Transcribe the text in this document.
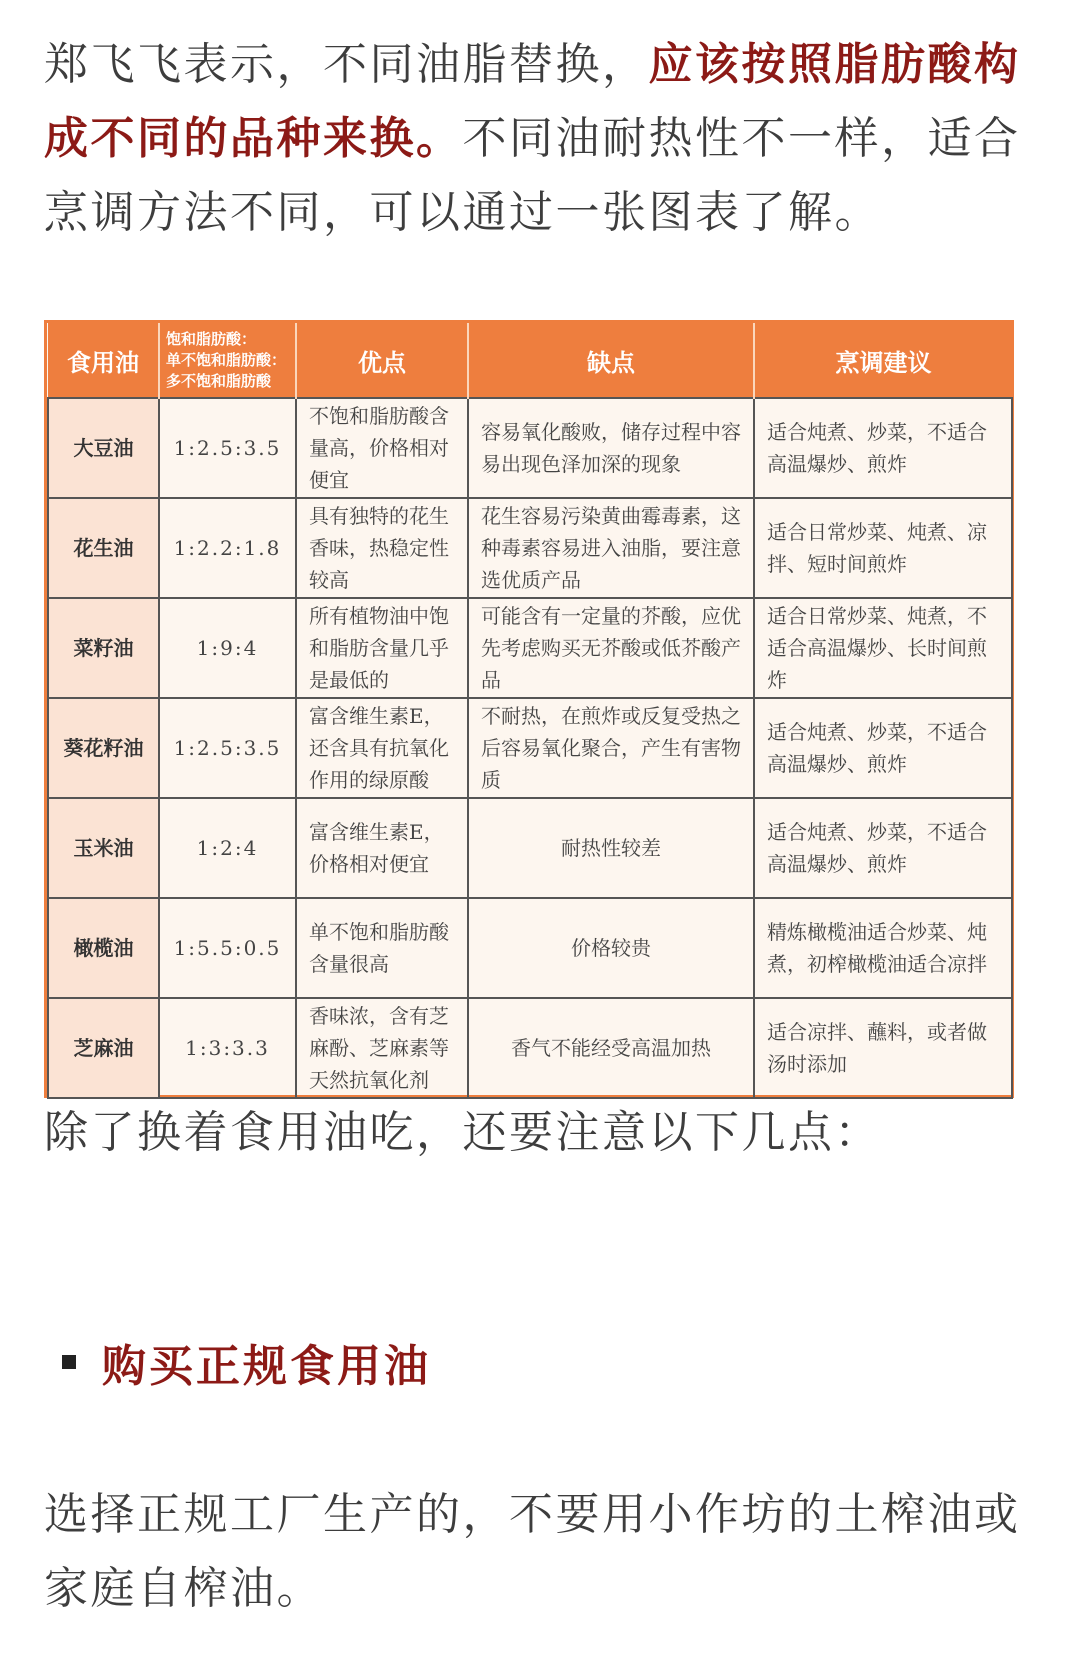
郑飞飞表示，不同油脂替换，应该按照脂肪酸构成不同的品种来换。不同油耐热性不一样，适合烹调方法不同，可以通过一张图表了解。

食用油	饱和脂肪酸：
单不饱和脂肪酸：
多不饱和脂肪酸	优点	缺点	烹调建议
大豆油	1:2.5:3.5	不饱和脂肪酸含量高，价格相对便宜	容易氧化酸败，储存过程中容易出现色泽加深的现象	适合炖煮、炒菜，不适合高温爆炒、煎炸
花生油	1:2.2:1.8	具有独特的花生香味，热稳定性较高	花生容易污染黄曲霉毒素，这种毒素容易进入油脂，要注意选优质产品	适合日常炒菜、炖煮、凉拌、短时间煎炸
菜籽油	1:9:4	所有植物油中饱和脂肪含量几乎是最低的	可能含有一定量的芥酸，应优先考虑购买无芥酸或低芥酸产品	适合日常炒菜、炖煮，不适合高温爆炒、长时间煎炸
葵花籽油	1:2.5:3.5	富含维生素E，还含具有抗氧化作用的绿原酸	不耐热，在煎炸或反复受热之后容易氧化聚合，产生有害物质	适合炖煮、炒菜，不适合高温爆炒、煎炸
玉米油	1:2:4	富含维生素E，价格相对便宜	耐热性较差	适合炖煮、炒菜，不适合高温爆炒、煎炸
橄榄油	1:5.5:0.5	单不饱和脂肪酸含量很高	价格较贵	精炼橄榄油适合炒菜、炖煮，初榨橄榄油适合凉拌
芝麻油	1:3:3.3	香味浓，含有芝麻酚、芝麻素等天然抗氧化剂	香气不能经受高温加热	适合凉拌、蘸料，或者做汤时添加

除了换着食用油吃，还要注意以下几点：

购买正规食用油

选择正规工厂生产的，不要用小作坊的土榨油或家庭自榨油。
